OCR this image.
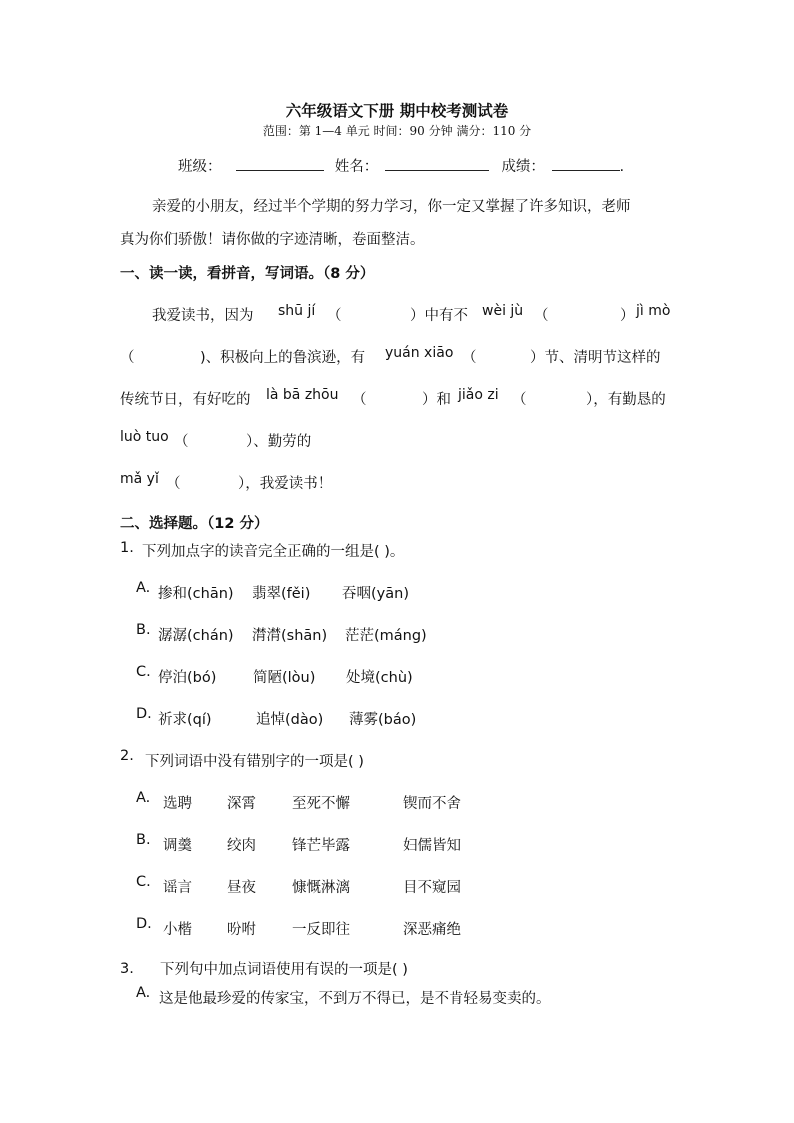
六年级语文下册 期中校考测试卷
范围：第 1—4 单元 时间：90 分钟 满分：110 分
班级：	姓名：	成绩：	.
亲爱的小朋友，经过半个学期的努力学习，你一定又掌握了许多知识，老师
真为你们骄傲！请你做的字迹清晰，卷面整洁。
一、读一读，看拼音，写词语。（8 分）
我爱读书，因为 shū jí （	）中有不 wèi jù （	） jì mò
（	)、积极向上的鲁滨逊，有 yuán xiāo （	）节、清明节这样的
传统节日，有好吃的 là bā zhōu （	）和 jiǎo zi （	），有勤恳的
luò tuo （	）、勤劳的
mǎ yǐ （	），我爱读书！
二、选择题。（12 分）
1. 下列加点字的读音完全正确的一组是( )。
A. 掺和(chān) 翡翠(fěi) 吞咽(yān)
B. 潺潺(chán) 潸潸(shān) 茫茫(máng)
C. 停泊(bó)	简陋(lòu) 处境(chù)
D. 祈求(qí)	追悼(dào) 薄雾(báo)
2. 下列词语中没有错别字的一项是( )
A. 选聘 深霄 至死不懈	锲而不舍
B. 调羹 绞肉 锋芒毕露	妇儒皆知
C. 谣言 昼夜 慷慨淋漓	目不窥园
D. 小楷 吩咐 一反即往	深恶痛绝
3. 下列句中加点词语使用有误的一项是( )
A. 这是他最珍爱的传家宝，不到万不得已，是不肯轻易变卖的。
